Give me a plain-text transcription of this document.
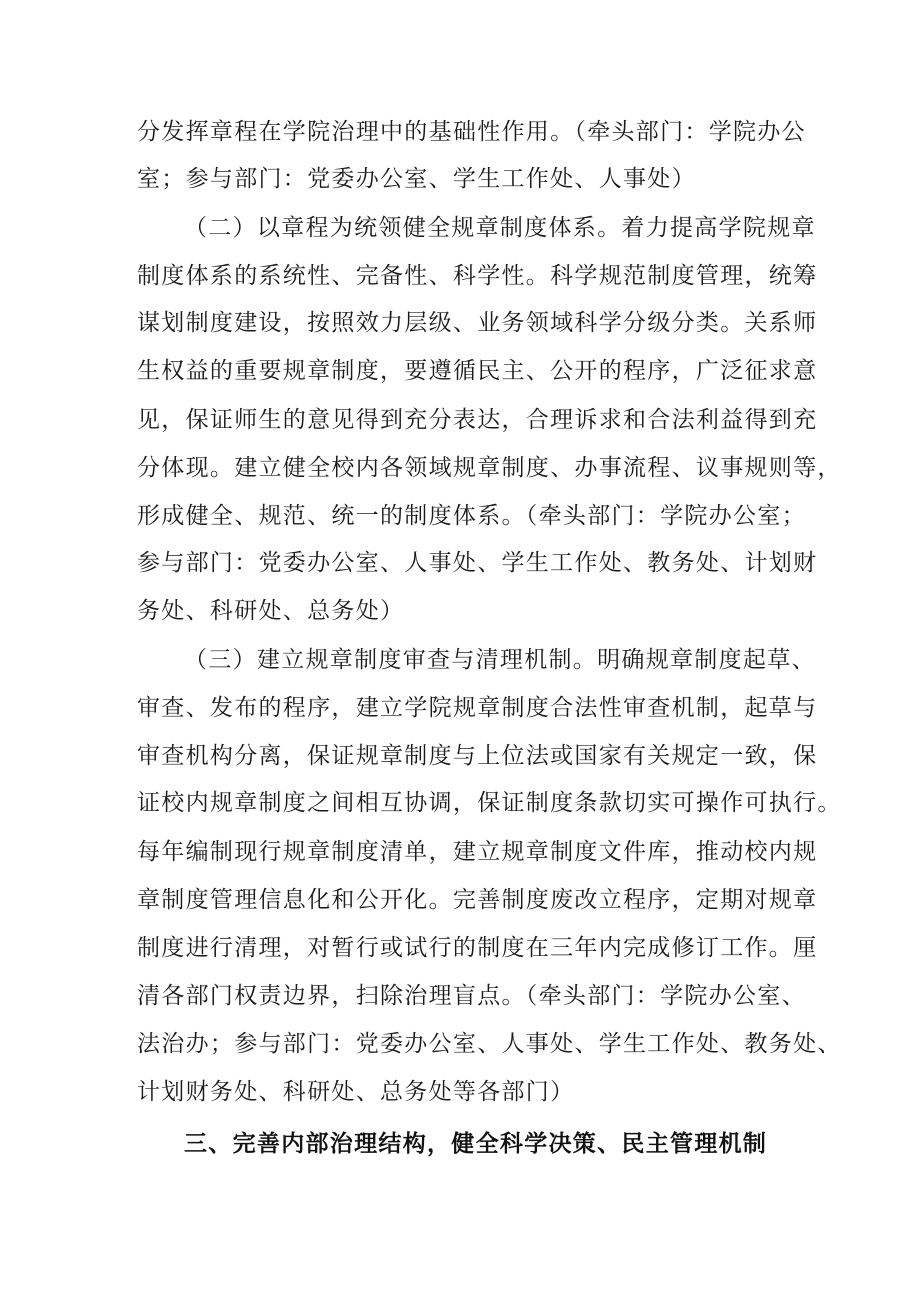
分发挥章程在学院治理中的基础性作用。（牵头部门：学院办公
室；参与部门：党委办公室、学生工作处、人事处）
（二）以章程为统领健全规章制度体系。着力提高学院规章
制度体系的系统性、完备性、科学性。科学规范制度管理，统筹
谋划制度建设，按照效力层级、业务领域科学分级分类。关系师
生权益的重要规章制度，要遵循民主、公开的程序，广泛征求意
见，保证师生的意见得到充分表达，合理诉求和合法利益得到充
分体现。建立健全校内各领域规章制度、办事流程、议事规则等，
形成健全、规范、统一的制度体系。（牵头部门：学院办公室；
参与部门：党委办公室、人事处、学生工作处、教务处、计划财
务处、科研处、总务处）
（三）建立规章制度审查与清理机制。明确规章制度起草、
审查、发布的程序，建立学院规章制度合法性审查机制，起草与
审查机构分离，保证规章制度与上位法或国家有关规定一致，保
证校内规章制度之间相互协调，保证制度条款切实可操作可执行。
每年编制现行规章制度清单，建立规章制度文件库，推动校内规
章制度管理信息化和公开化。完善制度废改立程序，定期对规章
制度进行清理，对暂行或试行的制度在三年内完成修订工作。厘
清各部门权责边界，扫除治理盲点。（牵头部门：学院办公室、
法治办；参与部门：党委办公室、人事处、学生工作处、教务处、
计划财务处、科研处、总务处等各部门）
三、完善内部治理结构，健全科学决策、民主管理机制
